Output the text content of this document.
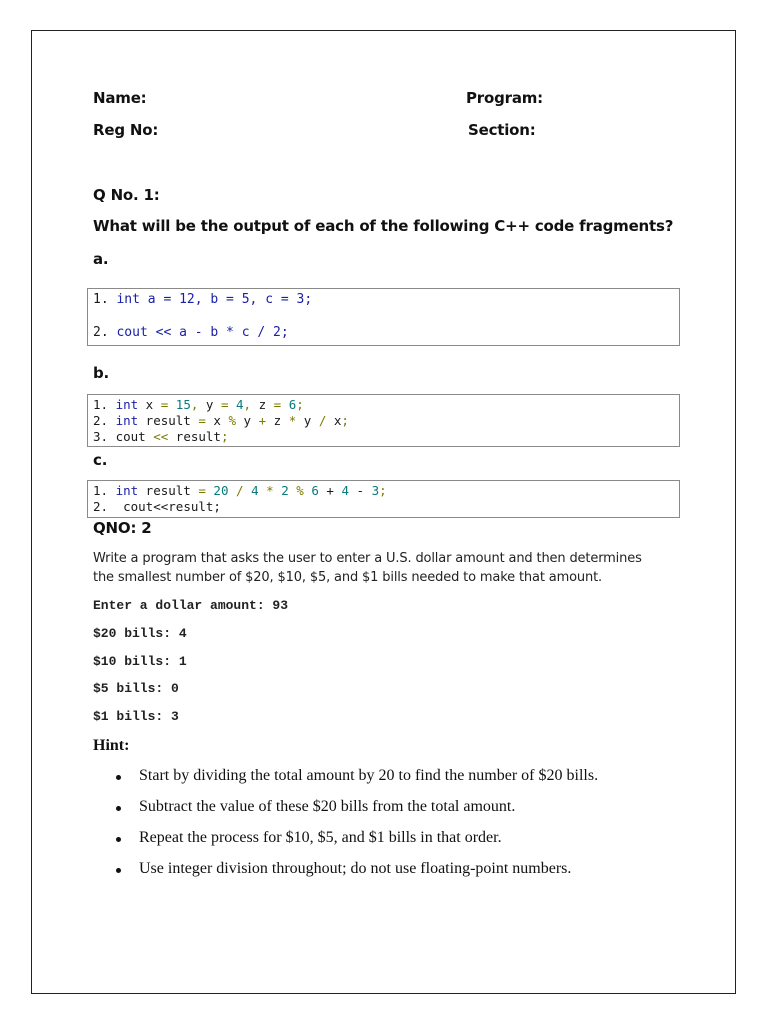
Name:	Program:
Reg No:	Section:
Q No. 1:
What will be the output of each of the following C++ code fragments?
a.
1. int a = 12, b = 5, c = 3;
2. cout << a - b * c / 2;
b.
1. int x = 15, y = 4, z = 6;
2. int result = x % y + z * y / x;
3. cout << result;
c.
1. int result = 20 / 4 * 2 % 6 + 4 - 3;
2.  cout<<result;
QNO: 2
Write a program that asks the user to enter a U.S. dollar amount and then determines
the smallest number of $20, $10, $5, and $1 bills needed to make that amount.
Enter a dollar amount: 93
$20 bills: 4
$10 bills: 1
$5 bills: 0
$1 bills: 3
Hint:
Start by dividing the total amount by 20 to find the number of $20 bills.
Subtract the value of these $20 bills from the total amount.
Repeat the process for $10, $5, and $1 bills in that order.
Use integer division throughout; do not use floating-point numbers.
